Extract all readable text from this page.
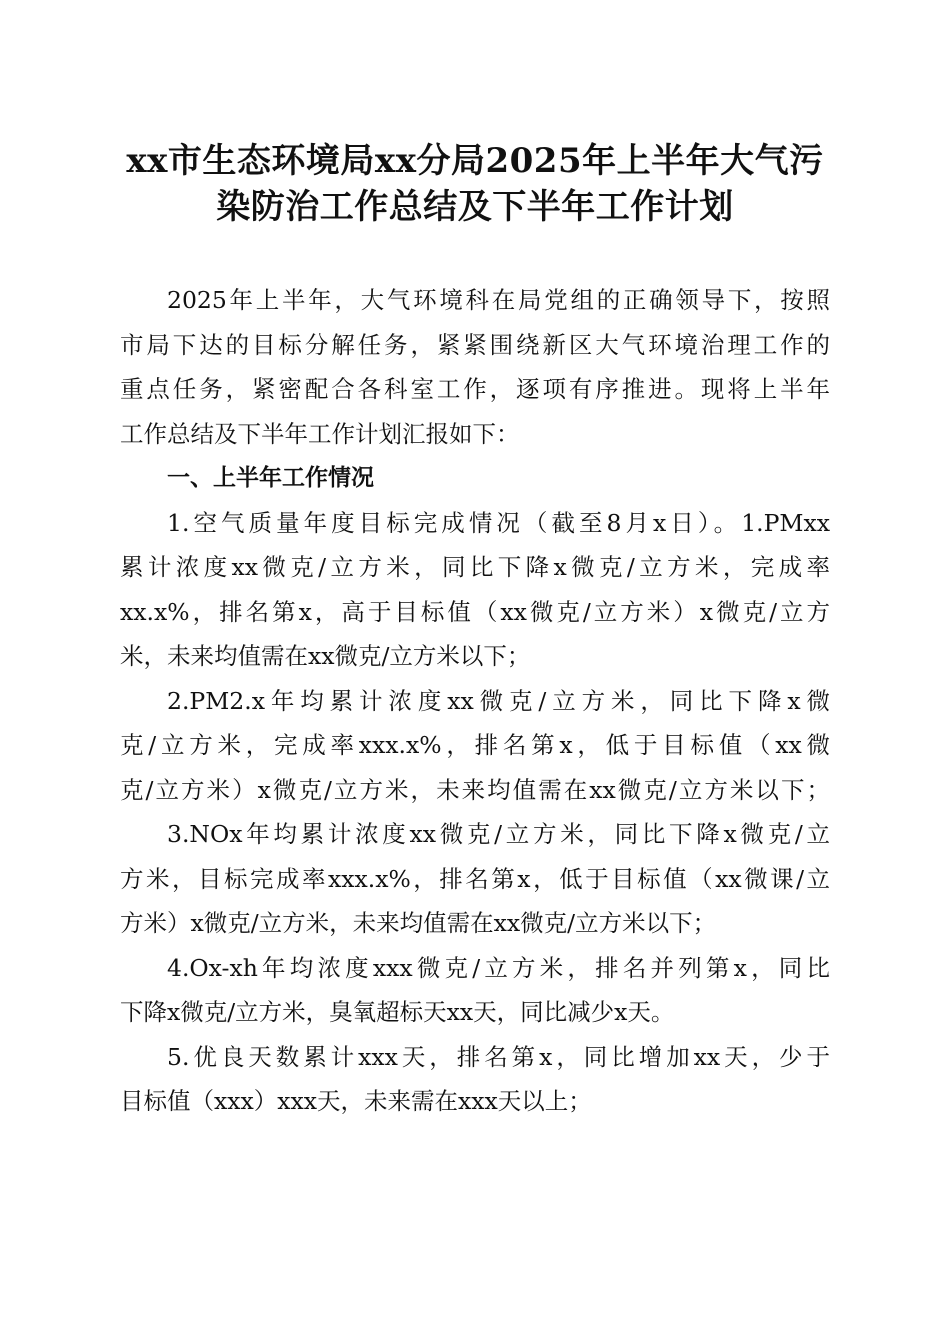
xx市生态环境局xx分局2025年上半年大气污
染防治工作总结及下半年工作计划
2025年上半年，大气环境科在局党组的正确领导下，按照
市局下达的目标分解任务，紧紧围绕新区大气环境治理工作的
重点任务，紧密配合各科室工作，逐项有序推进。现将上半年
工作总结及下半年工作计划汇报如下：
一、上半年工作情况
1.空气质量年度目标完成情况（截至8月x日）。1.PMxx
累计浓度xx微克/立方米，同比下降x微克/立方米，完成率
xx.x%，排名第x，高于目标值（xx微克/立方米）x微克/立方
米，未来均值需在xx微克/立方米以下；
2.PM2.x年均累计浓度xx微克/立方米，同比下降x微
克/立方米，完成率xxx.x%，排名第x，低于目标值（xx微
克/立方米）x微克/立方米，未来均值需在xx微克/立方米以下；
3.NOx年均累计浓度xx微克/立方米，同比下降x微克/立
方米，目标完成率xxx.x%，排名第x，低于目标值（xx微课/立
方米）x微克/立方米，未来均值需在xx微克/立方米以下；
4.Ox-xh年均浓度xxx微克/立方米，排名并列第x，同比
下降x微克/立方米，臭氧超标天xx天，同比减少x天。
5.优良天数累计xxx天，排名第x，同比增加xx天，少于
目标值（xxx）xxx天，未来需在xxx天以上；
